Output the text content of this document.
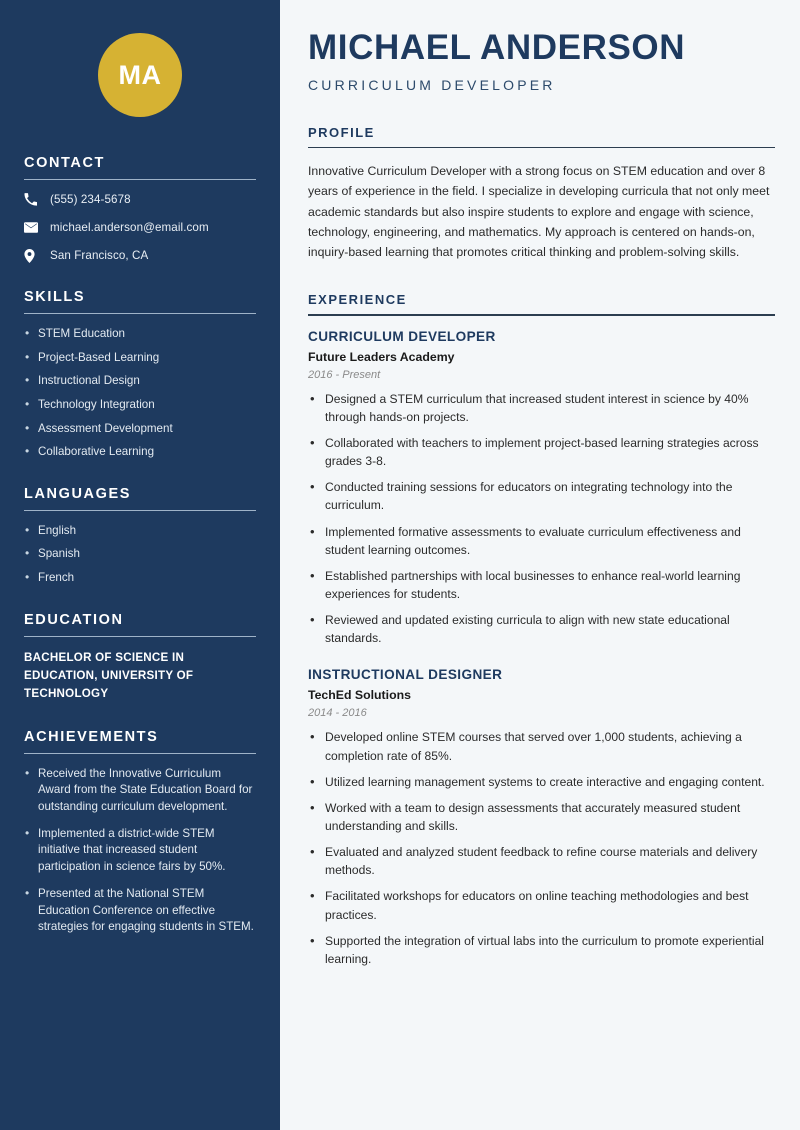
MA
CONTACT
(555) 234-5678
michael.anderson@email.com
San Francisco, CA
SKILLS
• STEM Education
• Project-Based Learning
• Instructional Design
• Technology Integration
• Assessment Development
• Collaborative Learning
LANGUAGES
• English
• Spanish
• French
EDUCATION
BACHELOR OF SCIENCE IN EDUCATION, UNIVERSITY OF TECHNOLOGY
ACHIEVEMENTS
• Received the Innovative Curriculum Award from the State Education Board for outstanding curriculum development.
• Implemented a district-wide STEM initiative that increased student participation in science fairs by 50%.
• Presented at the National STEM Education Conference on effective strategies for engaging students in STEM.
MICHAEL ANDERSON
CURRICULUM DEVELOPER
PROFILE

Innovative Curriculum Developer with a strong focus on STEM education and over 8 years of experience in the field. I specialize in developing curricula that not only meet academic standards but also inspire students to explore and engage with science, technology, engineering, and mathematics. My approach is centered on hands-on, inquiry-based learning that promotes critical thinking and problem-solving skills.

EXPERIENCE
CURRICULUM DEVELOPER
Future Leaders Academy
2016 - Present
• Designed a STEM curriculum that increased student interest in science by 40% through hands-on projects.
• Collaborated with teachers to implement project-based learning strategies across grades 3-8.
• Conducted training sessions for educators on integrating technology into the curriculum.
• Implemented formative assessments to evaluate curriculum effectiveness and student learning outcomes.
• Established partnerships with local businesses to enhance real-world learning experiences for students.
• Reviewed and updated existing curricula to align with new state educational standards.
INSTRUCTIONAL DESIGNER
TechEd Solutions
2014 - 2016
• Developed online STEM courses that served over 1,000 students, achieving a completion rate of 85%.
• Utilized learning management systems to create interactive and engaging content.
• Worked with a team to design assessments that accurately measured student understanding and skills.
• Evaluated and analyzed student feedback to refine course materials and delivery methods.
• Facilitated workshops for educators on online teaching methodologies and best practices.
• Supported the integration of virtual labs into the curriculum to promote experiential learning.
